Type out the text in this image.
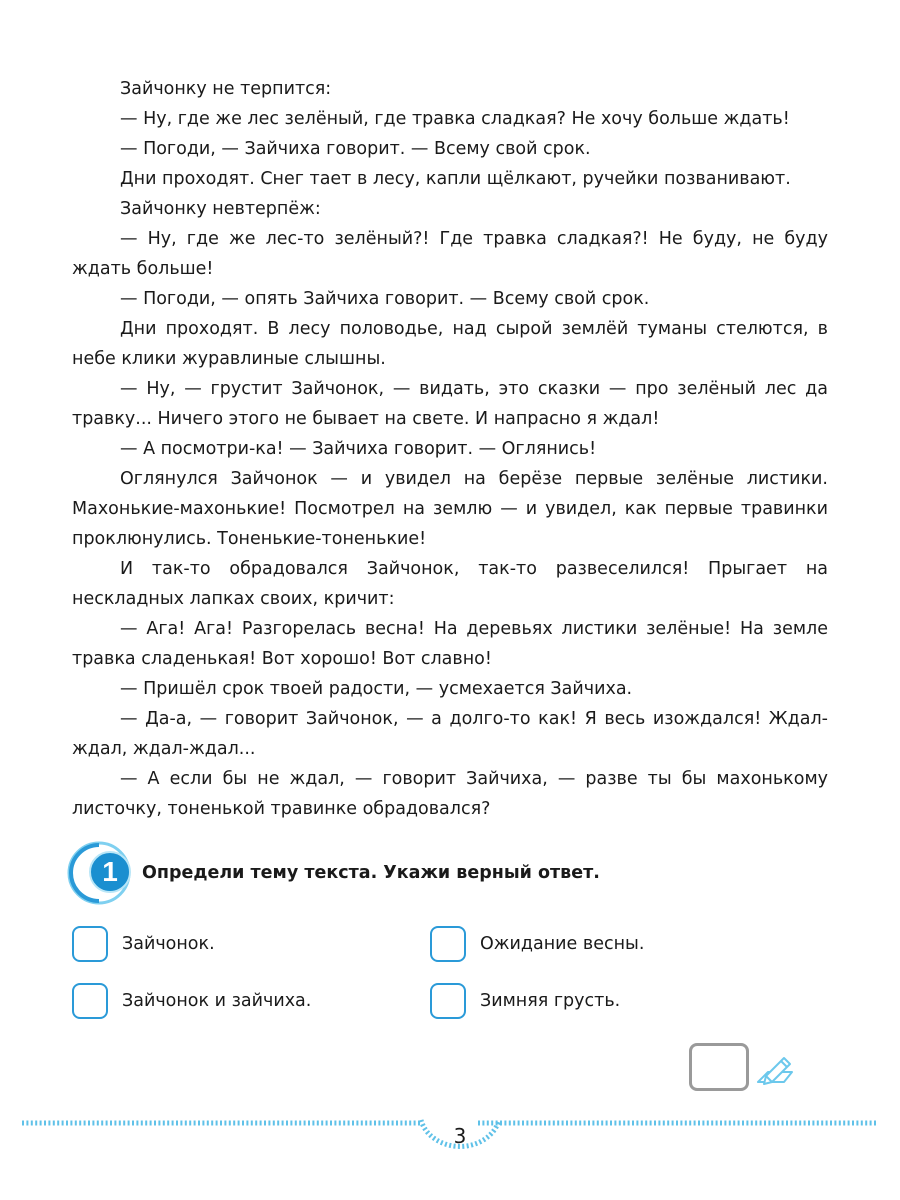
Зайчонку не терпится:

— Ну, где же лес зелёный, где травка сладкая? Не хочу больше ждать!

— Погоди, — Зайчиха говорит. — Всему свой срок.

Дни проходят. Снег тает в лесу, капли щёлкают, ручейки позванивают.

Зайчонку невтерпёж:

— Ну, где же лес-то зелёный?! Где травка сладкая?! Не буду, не буду ждать больше!

— Погоди, — опять Зайчиха говорит. — Всему свой срок.

Дни проходят. В лесу половодье, над сырой землёй туманы стелются, в небе клики журавлиные слышны.

— Ну, — грустит Зайчонок, — видать, это сказки — про зелёный лес да травку... Ничего этого не бывает на свете. И напрасно я ждал!

— А посмотри-ка! — Зайчиха говорит. — Оглянись!

Оглянулся Зайчонок — и увидел на берёзе первые зелёные листики. Махонькие-махонькие! Посмотрел на землю — и увидел, как первые травинки проклюнулись. Тоненькие-тоненькие!

И так-то обрадовался Зайчонок, так-то развеселился! Прыгает на нескладных лапках своих, кричит:

— Ага! Ага! Разгорелась весна! На деревьях листики зелёные! На земле травка сладенькая! Вот хорошо! Вот славно!

— Пришёл срок твоей радости, — усмехается Зайчиха.

— Да-а, — говорит Зайчонок, — а долго-то как! Я весь изождался! Ждал-ждал, ждал-ждал...

— А если бы не ждал, — говорит Зайчиха, — разве ты бы махонькому листочку, тоненькой травинке обрадовался?

1	Определи тему текста. Укажи верный ответ.
Зайчонок.	Ожидание весны.
Зайчонок и зайчиха.	Зимняя грусть.
3
